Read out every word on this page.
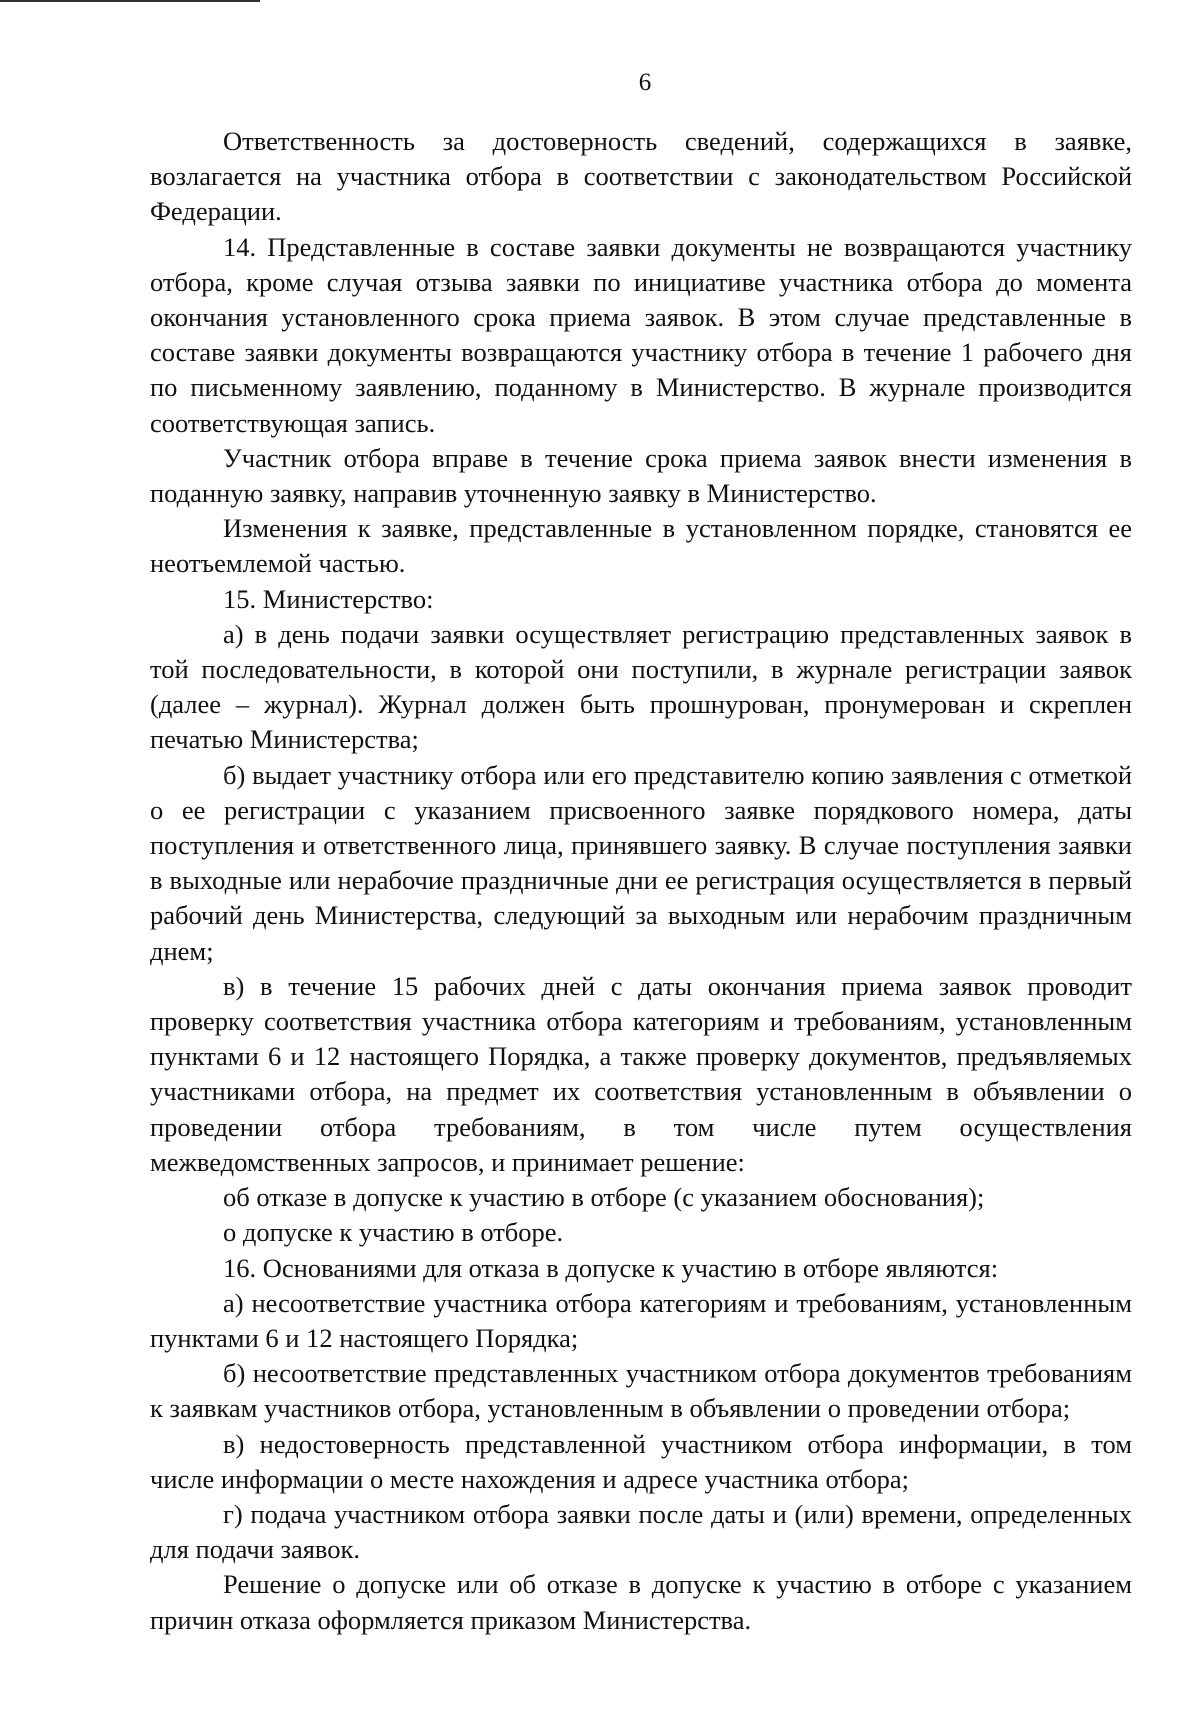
6

Ответственность за достоверность сведений, содержащихся в заявке, возлагается на участника отбора в соответствии с законодательством Российской Федерации.

14. Представленные в составе заявки документы не возвращаются участнику отбора, кроме случая отзыва заявки по инициативе участника отбора до момента окончания установленного срока приема заявок. В этом случае представленные в составе заявки документы возвращаются участнику отбора в течение 1 рабочего дня по письменному заявлению, поданному в Министерство. В журнале производится соответствующая запись.

Участник отбора вправе в течение срока приема заявок внести изменения в поданную заявку, направив уточненную заявку в Министерство.

Изменения к заявке, представленные в установленном порядке, становятся ее неотъемлемой частью.

15. Министерство:

а) в день подачи заявки осуществляет регистрацию представленных заявок в той последовательности, в которой они поступили, в журнале регистрации заявок (далее – журнал). Журнал должен быть прошнурован, пронумерован и скреплен печатью Министерства;

б) выдает участнику отбора или его представителю копию заявления с отметкой о ее регистрации с указанием присвоенного заявке порядкового номера, даты поступления и ответственного лица, принявшего заявку. В случае поступления заявки в выходные или нерабочие праздничные дни ее регистрация осуществляется в первый рабочий день Министерства, следующий за выходным или нерабочим праздничным днем;

в) в течение 15 рабочих дней с даты окончания приема заявок проводит проверку соответствия участника отбора категориям и требованиям, установленным пунктами 6 и 12 настоящего Порядка, а также проверку документов, предъявляемых участниками отбора, на предмет их соответствия установленным в объявлении о проведении отбора требованиям, в том числе путем осуществления межведомственных запросов, и принимает решение:

об отказе в допуске к участию в отборе (с указанием обоснования);

о допуске к участию в отборе.

16. Основаниями для отказа в допуске к участию в отборе являются:

а) несоответствие участника отбора категориям и требованиям, установленным пунктами 6 и 12 настоящего Порядка;

б) несоответствие представленных участником отбора документов требованиям к заявкам участников отбора, установленным в объявлении о проведении отбора;

в) недостоверность представленной участником отбора информации, в том числе информации о месте нахождения и адресе участника отбора;

г) подача участником отбора заявки после даты и (или) времени, определенных для подачи заявок.

Решение о допуске или об отказе в допуске к участию в отборе с указанием причин отказа оформляется приказом Министерства.
